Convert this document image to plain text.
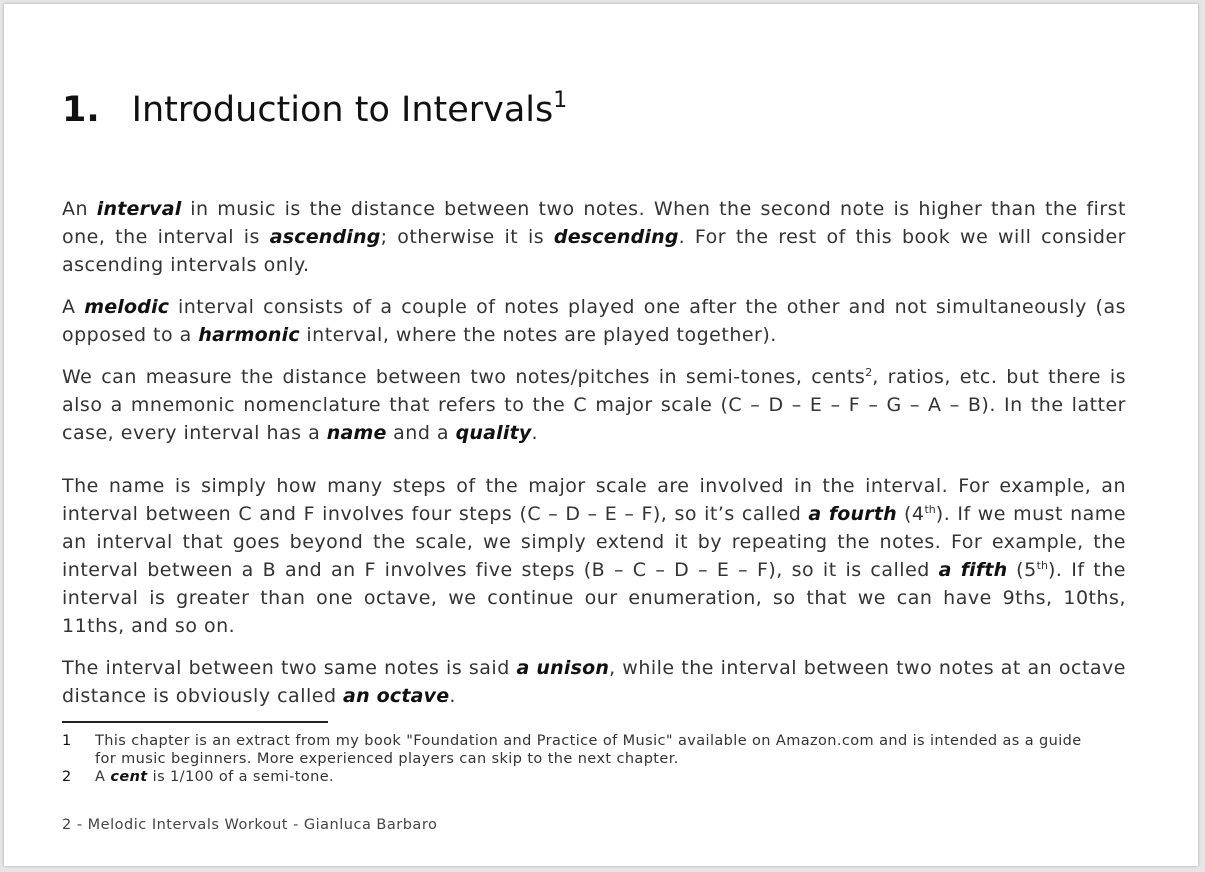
1. Introduction to Intervals$^1$

An interval in music is the distance between two notes. When the second note is higher than the first one, the interval is ascending; otherwise it is descending. For the rest of this book we will consider ascending intervals only.

A melodic interval consists of a couple of notes played one after the other and not simultaneously (as opposed to a harmonic interval, where the notes are played together).

We can measure the distance between two notes/pitches in semi-tones, cents$^2$, ratios, etc. but there is also a mnemonic nomenclature that refers to the C major scale (C – D – E – F – G – A – B). In the latter case, every interval has a name and a quality.

The name is simply how many steps of the major scale are involved in the interval. For example, an interval between C and F involves four steps (C – D – E – F), so it’s called a fourth (4th). If we must name an interval that goes beyond the scale, we simply extend it by repeating the notes. For example, the interval between a B and an F involves five steps (B – C – D – E – F), so it is called a fifth (5th). If the interval is greater than one octave, we continue our enumeration, so that we can have 9ths, 10ths, 11ths, and so on.

The interval between two same notes is said a unison, while the interval between two notes at an octave distance is obviously called an octave.

1	This chapter is an extract from my book "Foundation and Practice of Music" available on Amazon.com and is intended as a guide for music beginners. More experienced players can skip to the next chapter.
2	A cent is 1/100 of a semi-tone.
2 - Melodic Intervals Workout - Gianluca Barbaro
